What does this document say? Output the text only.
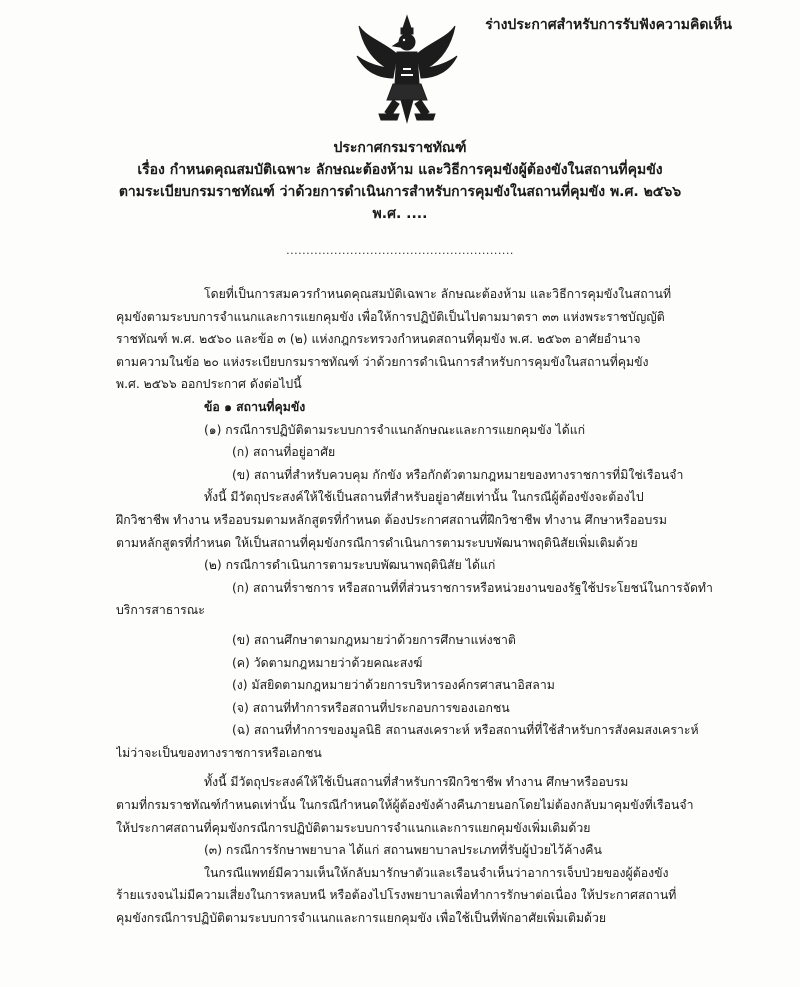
ร่างประกาศสำหรับการรับฟังความคิดเห็น
ประกาศกรมราชทัณฑ์
เรื่อง กำหนดคุณสมบัติเฉพาะ ลักษณะต้องห้าม และวิธีการคุมขังผู้ต้องขังในสถานที่คุมขัง
ตามระเบียบกรมราชทัณฑ์ ว่าด้วยการดำเนินการสำหรับการคุมขังในสถานที่คุมขัง พ.ศ. ๒๕๖๖
พ.ศ. ....
.........................................................
โดยที่เป็นการสมควรกำหนดคุณสมบัติเฉพาะ ลักษณะต้องห้าม และวิธีการคุมขังในสถานที่
คุมขังตามระบบการจำแนกและการแยกคุมขัง เพื่อให้การปฏิบัติเป็นไปตามมาตรา ๓๓ แห่งพระราชบัญญัติ
ราชทัณฑ์ พ.ศ. ๒๕๖๐ และข้อ ๓ (๒) แห่งกฎกระทรวงกำหนดสถานที่คุมขัง พ.ศ. ๒๕๖๓ อาศัยอำนาจ
ตามความในข้อ ๒๐ แห่งระเบียบกรมราชทัณฑ์ ว่าด้วยการดำเนินการสำหรับการคุมขังในสถานที่คุมขัง
พ.ศ. ๒๕๖๖ ออกประกาศ ดังต่อไปนี้
ข้อ ๑ สถานที่คุมขัง
(๑) กรณีการปฏิบัติตามระบบการจำแนกลักษณะและการแยกคุมขัง ได้แก่
(ก) สถานที่อยู่อาศัย
(ข) สถานที่สำหรับควบคุม กักขัง หรือกักตัวตามกฎหมายของทางราชการที่มิใช่เรือนจำ
ทั้งนี้ มีวัตถุประสงค์ให้ใช้เป็นสถานที่สำหรับอยู่อาศัยเท่านั้น ในกรณีผู้ต้องขังจะต้องไป
ฝึกวิชาชีพ ทำงาน หรืออบรมตามหลักสูตรที่กำหนด ต้องประกาศสถานที่ฝึกวิชาชีพ ทำงาน ศึกษาหรืออบรม
ตามหลักสูตรที่กำหนด ให้เป็นสถานที่คุมขังกรณีการดำเนินการตามระบบพัฒนาพฤตินิสัยเพิ่มเติมด้วย
(๒) กรณีการดำเนินการตามระบบพัฒนาพฤตินิสัย ได้แก่
(ก) สถานที่ราชการ หรือสถานที่ที่ส่วนราชการหรือหน่วยงานของรัฐใช้ประโยชน์ในการจัดทำ
บริการสาธารณะ
(ข) สถานศึกษาตามกฎหมายว่าด้วยการศึกษาแห่งชาติ
(ค) วัดตามกฎหมายว่าด้วยคณะสงฆ์
(ง) มัสยิดตามกฎหมายว่าด้วยการบริหารองค์กรศาสนาอิสลาม
(จ) สถานที่ทำการหรือสถานที่ประกอบการของเอกชน
(ฉ) สถานที่ทำการของมูลนิธิ สถานสงเคราะห์ หรือสถานที่ที่ใช้สำหรับการสังคมสงเคราะห์
ไม่ว่าจะเป็นของทางราชการหรือเอกชน
ทั้งนี้ มีวัตถุประสงค์ให้ใช้เป็นสถานที่สำหรับการฝึกวิชาชีพ ทำงาน ศึกษาหรืออบรม
ตามที่กรมราชทัณฑ์กำหนดเท่านั้น ในกรณีกำหนดให้ผู้ต้องขังค้างคืนภายนอกโดยไม่ต้องกลับมาคุมขังที่เรือนจำ
ให้ประกาศสถานที่คุมขังกรณีการปฏิบัติตามระบบการจำแนกและการแยกคุมขังเพิ่มเติมด้วย
(๓) กรณีการรักษาพยาบาล ได้แก่ สถานพยาบาลประเภทที่รับผู้ป่วยไว้ค้างคืน
ในกรณีแพทย์มีความเห็นให้กลับมารักษาตัวและเรือนจำเห็นว่าอาการเจ็บป่วยของผู้ต้องขัง
ร้ายแรงจนไม่มีความเสี่ยงในการหลบหนี หรือต้องไปโรงพยาบาลเพื่อทำการรักษาต่อเนื่อง ให้ประกาศสถานที่
คุมขังกรณีการปฏิบัติตามระบบการจำแนกและการแยกคุมขัง เพื่อใช้เป็นที่พักอาศัยเพิ่มเติมด้วย
